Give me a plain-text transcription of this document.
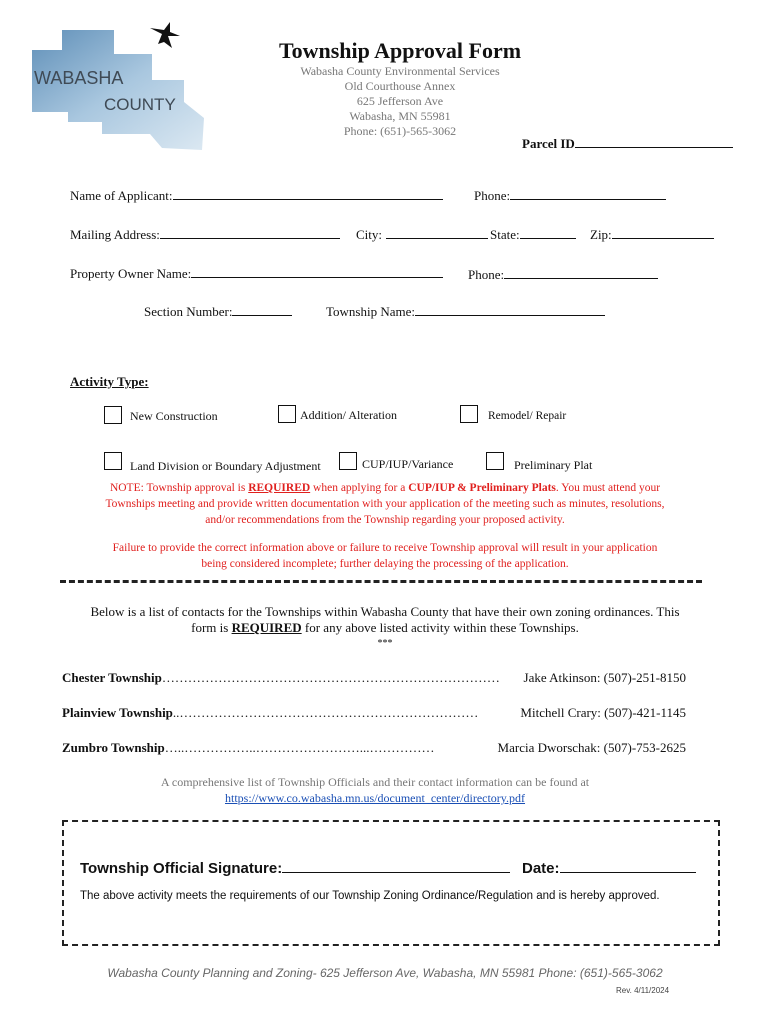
WABASHA
COUNTY
Township Approval Form
Wabasha County Environmental Services
Old Courthouse Annex
625 Jefferson Ave
Wabasha, MN 55981
Phone: (651)-565-3062
Parcel ID
Name of Applicant:	Phone:
Mailing Address:	City:	State:	Zip:
Property Owner Name:	Phone:
Section Number:	Township Name:
Activity Type:
New Construction	Addition/ Alteration	Remodel/ Repair
Land Division or Boundary Adjustment	CUP/IUP/Variance	Preliminary Plat
NOTE: Township approval is REQUIRED when applying for a CUP/IUP & Preliminary Plats. You must attend your
Townships meeting and provide written documentation with your application of the meeting such as minutes, resolutions,
and/or recommendations from the Township regarding your proposed activity.
Failure to provide the correct information above or failure to receive Township approval will result in your application
being considered incomplete; further delaying the processing of the application.
Below is a list of contacts for the Townships within Wabasha County that have their own zoning ordinances. This
form is REQUIRED for any above listed activity within these Townships.
***
Chester Township…………………………………………………………………… Jake Atkinson: (507)-251-8150
Plainview Township..……………………………………………………………	Mitchell Crary: (507)-421-1145
Zumbro Township…..……………..……………………...……………	Marcia Dworschak: (507)-753-2625
A comprehensive list of Township Officials and their contact information can be found at
https://www.co.wabasha.mn.us/document_center/directory.pdf
Township Official Signature:	Date:
The above activity meets the requirements of our Township Zoning Ordinance/Regulation and is hereby approved.
Wabasha County Planning and Zoning- 625 Jefferson Ave, Wabasha, MN 55981 Phone: (651)-565-3062
Rev. 4/11/2024
